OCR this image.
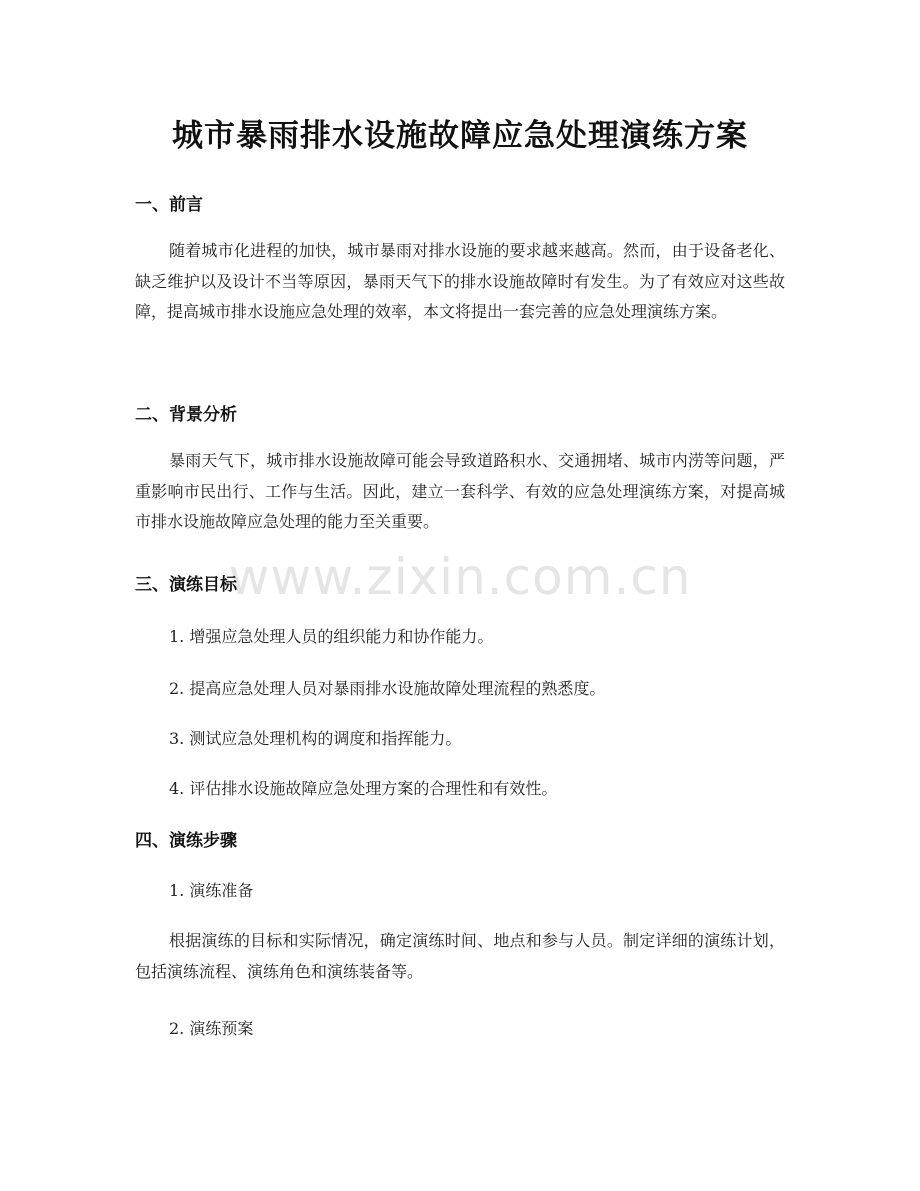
城市暴雨排水设施故障应急处理演练方案
一、前言
随着城市化进程的加快，城市暴雨对排水设施的要求越来越高。然而，由于设备老化、缺乏维护以及设计不当等原因，暴雨天气下的排水设施故障时有发生。为了有效应对这些故障，提高城市排水设施应急处理的效率，本文将提出一套完善的应急处理演练方案。
二、背景分析
暴雨天气下，城市排水设施故障可能会导致道路积水、交通拥堵、城市内涝等问题，严重影响市民出行、工作与生活。因此，建立一套科学、有效的应急处理演练方案，对提高城市排水设施故障应急处理的能力至关重要。
www.zixin.com.cn
三、演练目标
1. 增强应急处理人员的组织能力和协作能力。
2. 提高应急处理人员对暴雨排水设施故障处理流程的熟悉度。
3. 测试应急处理机构的调度和指挥能力。
4. 评估排水设施故障应急处理方案的合理性和有效性。
四、演练步骤
1. 演练准备
根据演练的目标和实际情况，确定演练时间、地点和参与人员。制定详细的演练计划，包括演练流程、演练角色和演练装备等。
2. 演练预案
